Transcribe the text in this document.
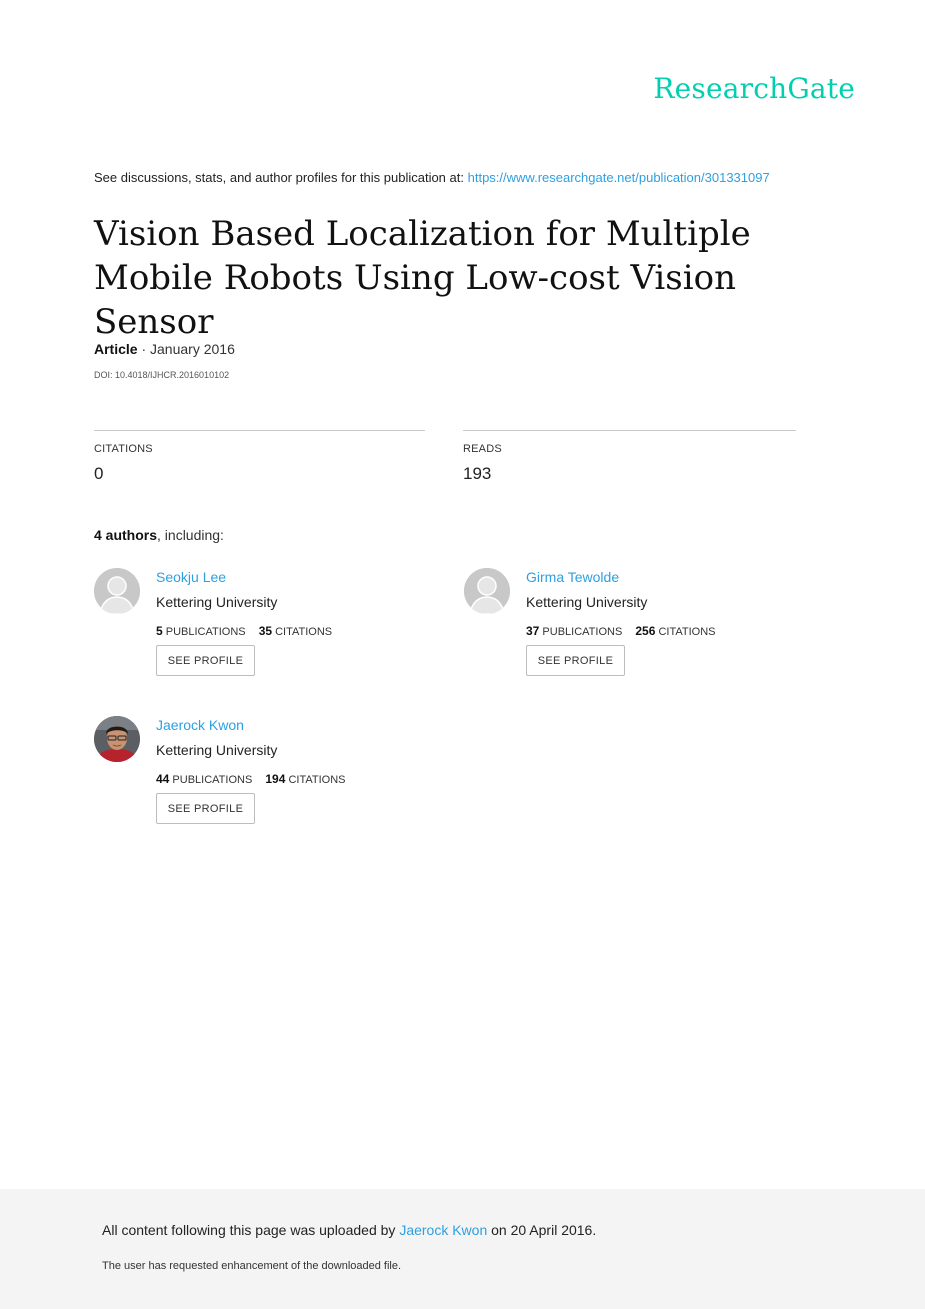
ResearchGate
See discussions, stats, and author profiles for this publication at: https://www.researchgate.net/publication/301331097
Vision Based Localization for Multiple Mobile Robots Using Low-cost Vision Sensor
Article · January 2016
DOI: 10.4018/IJHCR.2016010102
CITATIONS
0
READS
193
4 authors, including:
Seokju Lee
Kettering University
5 PUBLICATIONS 35 CITATIONS
SEE PROFILE
Girma Tewolde
Kettering University
37 PUBLICATIONS 256 CITATIONS
SEE PROFILE
Jaerock Kwon
Kettering University
44 PUBLICATIONS 194 CITATIONS
SEE PROFILE
All content following this page was uploaded by Jaerock Kwon on 20 April 2016.
The user has requested enhancement of the downloaded file.
